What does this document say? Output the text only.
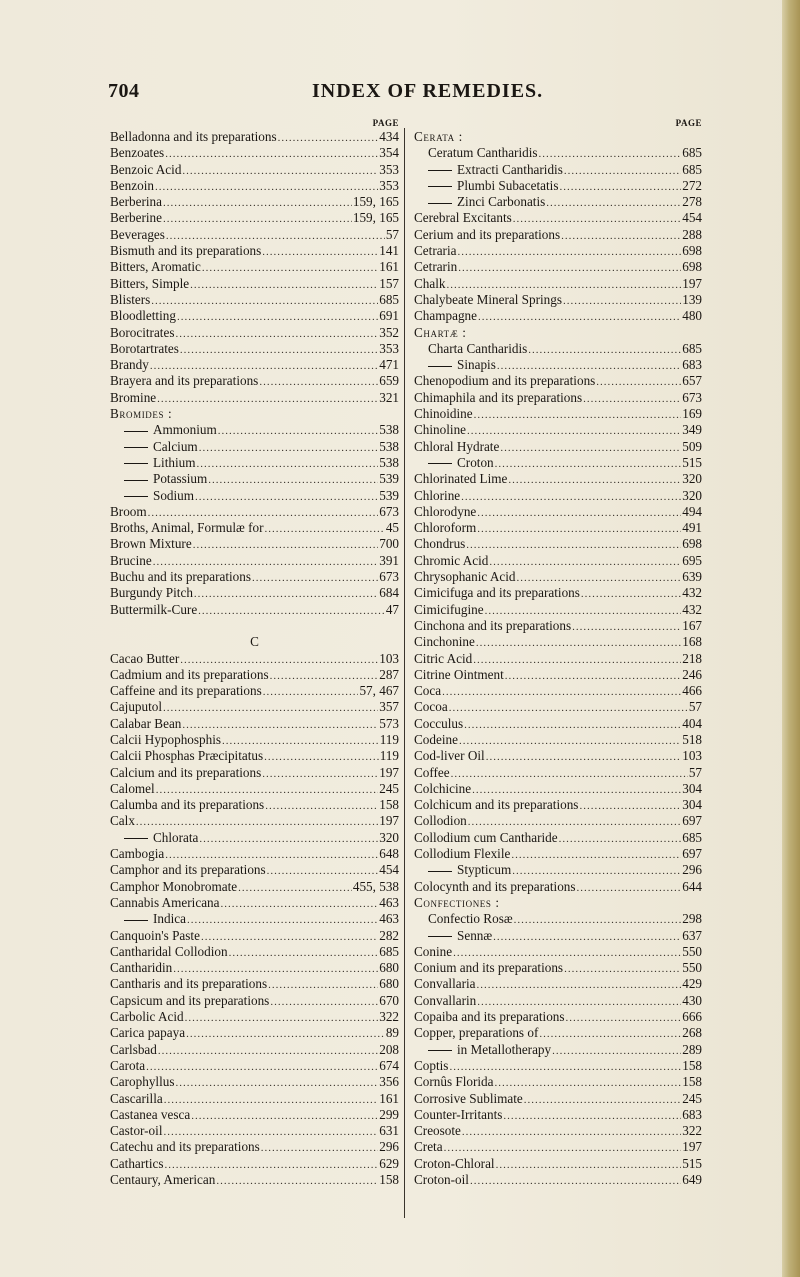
704	INDEX OF REMEDIES.
PAGE
Belladonna and its preparations .....	434
Benzoates .....	354
Benzoic Acid .....	353
Benzoin .....	353
Berberina .....	159, 165
Berberine .....	159, 165
Beverages .....	57
Bismuth and its preparations .....	141
Bitters, Aromatic .....	161
Bitters, Simple .....	157
Blisters .....	685
Bloodletting .....	691
Borocitrates .....	352
Borotartrates .....	353
Brandy .....	471
Brayera and its preparations .....	659
Bromine .....	321
Bromides :
Ammonium .....	538
Calcium .....	538
Lithium .....	538
Potassium .....	539
Sodium .....	539
Broom .....	673
Broths, Animal, Formulæ for .....	45
Brown Mixture .....	700
Brucine .....	391
Buchu and its preparations .....	673
Burgundy Pitch .....	684
Buttermilk-Cure .....	47
C
Cacao Butter .....	103
Cadmium and its preparations .....	287
Caffeine and its preparations .....	57, 467
Cajuputol .....	357
Calabar Bean .....	573
Calcii Hypophosphis .....	119
Calcii Phosphas Præcipitatus .....	119
Calcium and its preparations .....	197
Calomel .....	245
Calumba and its preparations .....	158
Calx .....	197
Chlorata .....	320
Cambogia .....	648
Camphor and its preparations .....	454
Camphor Monobromate .....	455, 538
Cannabis Americana .....	463
Indica .....	463
Canquoin's Paste .....	282
Cantharidal Collodion .....	685
Cantharidin .....	680
Cantharis and its preparations .....	680
Capsicum and its preparations .....	670
Carbolic Acid .....	322
Carica papaya .....	89
Carlsbad .....	208
Carota .....	674
Carophyllus .....	356
Cascarilla .....	161
Castanea vesca .....	299
Castor-oil .....	631
Catechu and its preparations .....	296
Cathartics .....	629
Centaury, American .....	158
PAGE
Cerata :
Ceratum Cantharidis .....	685
Extracti Cantharidis .....	685
Plumbi Subacetatis .....	272
Zinci Carbonatis .....	278
Cerebral Excitants .....	454
Cerium and its preparations .....	288
Cetraria .....	698
Cetrarin .....	698
Chalk .....	197
Chalybeate Mineral Springs .....	139
Champagne .....	480
Chartæ :
Charta Cantharidis .....	685
Sinapis .....	683
Chenopodium and its preparations .....	657
Chimaphila and its preparations .....	673
Chinoidine .....	169
Chinoline .....	349
Chloral Hydrate .....	509
Croton .....	515
Chlorinated Lime .....	320
Chlorine .....	320
Chlorodyne .....	494
Chloroform .....	491
Chondrus .....	698
Chromic Acid .....	695
Chrysophanic Acid .....	639
Cimicifuga and its preparations .....	432
Cimicifugine .....	432
Cinchona and its preparations .....	167
Cinchonine .....	168
Citric Acid .....	218
Citrine Ointment .....	246
Coca .....	466
Cocoa .....	57
Cocculus .....	404
Codeine .....	518
Cod-liver Oil .....	103
Coffee .....	57
Colchicine .....	304
Colchicum and its preparations .....	304
Collodion .....	697
Collodium cum Cantharide .....	685
Collodium Flexile .....	697
Stypticum .....	296
Colocynth and its preparations .....	644
Confectiones :
Confectio Rosæ .....	298
Sennæ .....	637
Conine .....	550
Conium and its preparations .....	550
Convallaria .....	429
Convallarin .....	430
Copaiba and its preparations .....	666
Copper, preparations of .....	268
in Metallotherapy .....	289
Coptis .....	158
Cornûs Florida .....	158
Corrosive Sublimate .....	245
Counter-Irritants .....	683
Creosote .....	322
Creta .....	197
Croton-Chloral .....	515
Croton-oil .....	649
